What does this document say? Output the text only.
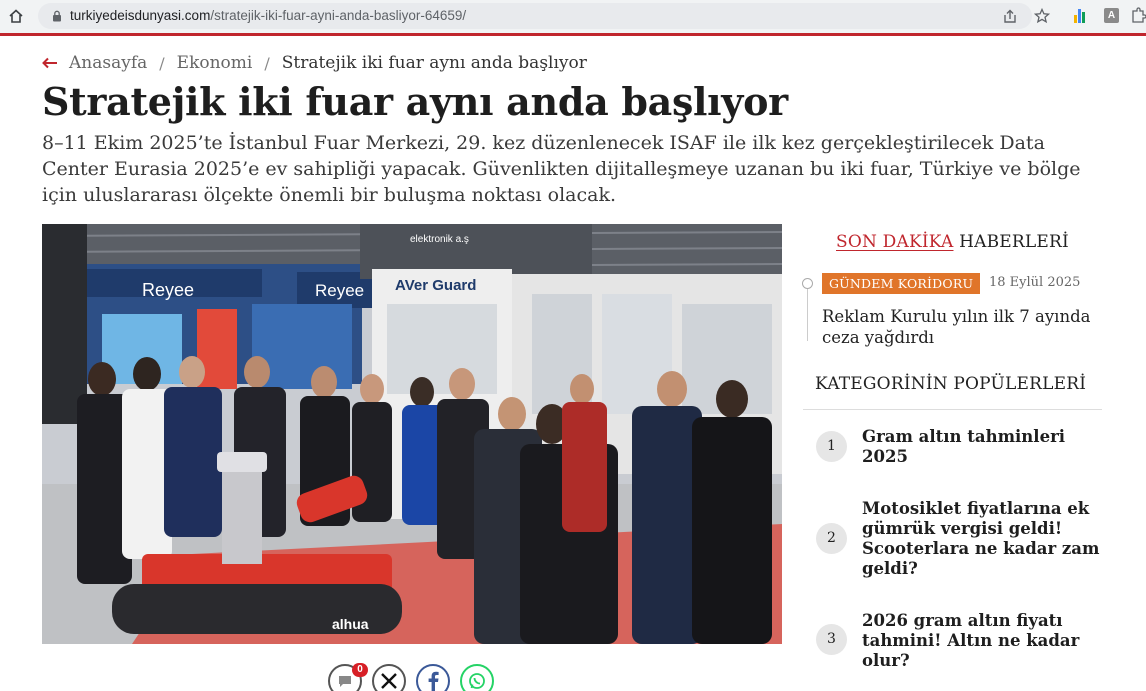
turkiyedeisdunyasi.com/stratejik-iki-fuar-ayni-anda-basliyor-64659/	A
Anasayfa / Ekonomi / Stratejik iki fuar aynı anda başlıyor
Stratejik iki fuar aynı anda başlıyor

8–11 Ekim 2025’te İstanbul Fuar Merkezi, 29. kez düzenlenecek ISAF ile ilk kez gerçekleştirilecek Data Center Eurasia 2025’e ev sahipliği yapacak. Güvenlikten dijitalleşmeye uzanan bu iki fuar, Türkiye ve bölge için uluslararası ölçekte önemli bir buluşma noktası olacak.

Reyee	Reyee
elektronik a.ş
AVer Guard
alhua
0
SON DAKİKA HABERLERİ
GÜNDEM KORİDORU	18 Eylül 2025
Reklam Kurulu yılın ilk 7 ayında ceza yağdırdı
KATEGORİNİN POPÜLERLERİ
1	Gram altın tahminleri 2025
2
Motosiklet fiyatlarına ek gümrük vergisi geldi! Scooterlara ne kadar zam geldi?
3
2026 gram altın fiyatı tahmini! Altın ne kadar olur?
